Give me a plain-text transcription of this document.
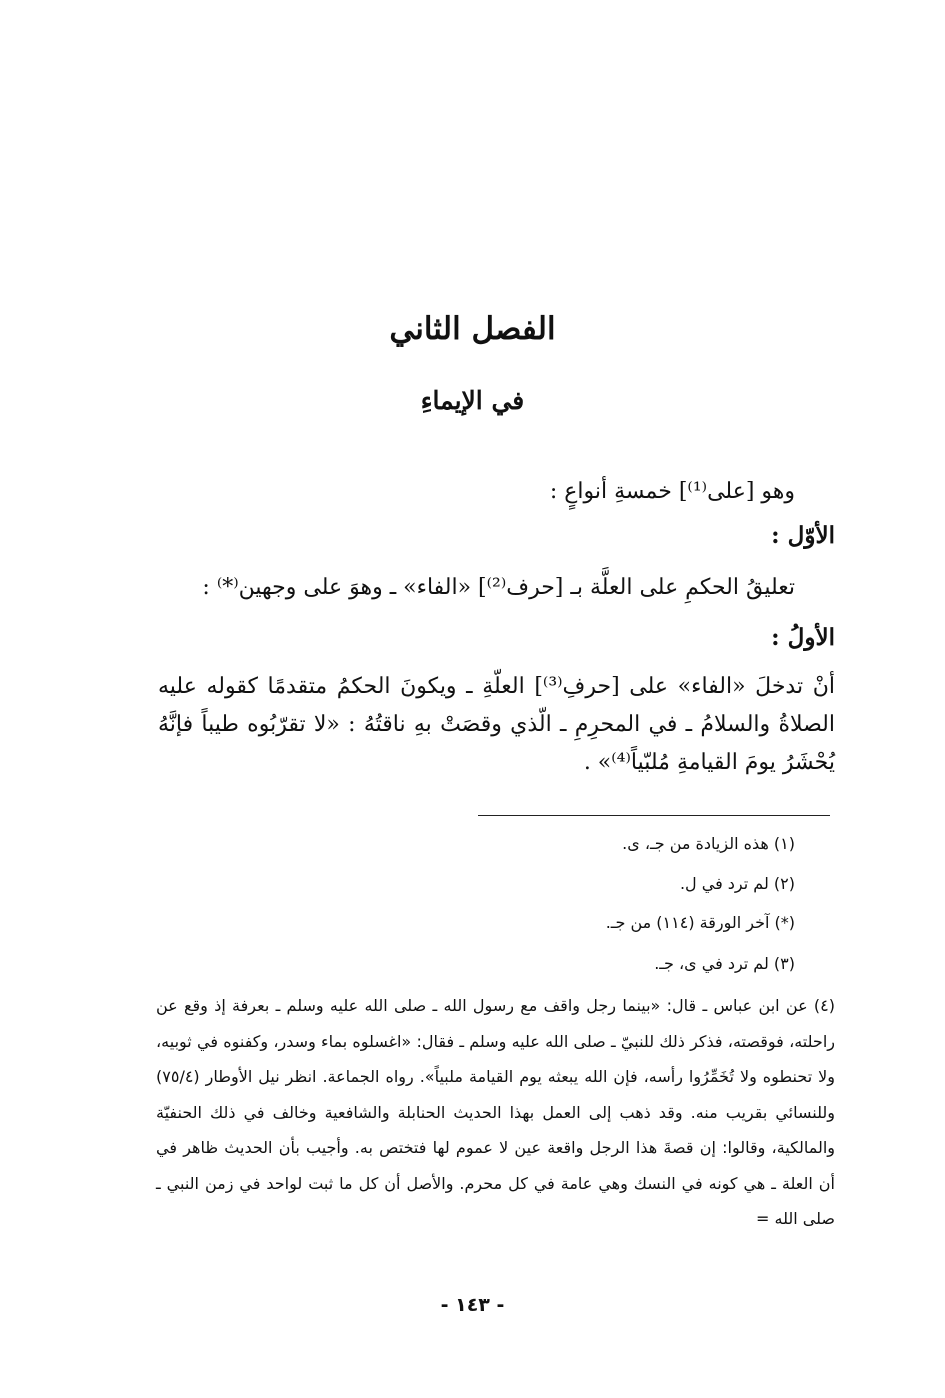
الفصل الثاني
في الإيماءِ
وهو [على⁽¹⁾] خمسةِ أنواعٍ :
الأوّل :
تعليقُ الحكمِ على العلَّة بـ [حرف⁽²⁾] «الفاء» ـ وهوَ على وجهين⁽*⁾ :
الأولُ :
أنْ تدخلَ «الفاء» على [حرفِ⁽³⁾] العلّةِ ـ ويكونَ الحكمُ متقدمًا كقوله عليه الصلاةُ والسلامُ ـ في المحرِمِ ـ الّذي وقصَتْ بهِ ناقتُهُ : «لا تقرّبُوه طيباً فإنَّهُ يُحْشَرُ يومَ القيامةِ مُلبّياً⁽⁴⁾» .
(١) هذه الزيادة من جـ، ى.
(٢) لم ترد في ل.
(*) آخر الورقة (١١٤) من جـ.
(٣) لم ترد في ى، جـ.
(٤) عن ابن عباس ـ قال: «بينما رجل واقف مع رسول الله ـ صلى الله عليه وسلم ـ بعرفة إذ وقع عن راحلته، فوقصته، فذكر ذلك للنبيّ ـ صلى الله عليه وسلم ـ فقال: «اغسلوه بماء وسدر، وكفنوه في ثوبيه، ولا تحنطوه ولا تُخَمِّرُوا رأسه، فإن الله يبعثه يوم القيامة ملبياً». رواه الجماعة. انظر نيل الأوطار (٧٥/٤) وللنسائي بقريب منه. وقد ذهب إلى العمل بهذا الحديث الحنابلة والشافعية وخالف في ذلك الحنفيّة والمالكية، وقالوا: إن قصةَ هذا الرجل واقعة عين لا عموم لها فتختص به. وأجيب بأن الحديث ظاهر في أن العلة ـ هي كونه في النسك وهي عامة في كل محرم. والأصل أن كل ما ثبت لواحد في زمن النبي ـ صلى الله =
- ١٤٣ -
